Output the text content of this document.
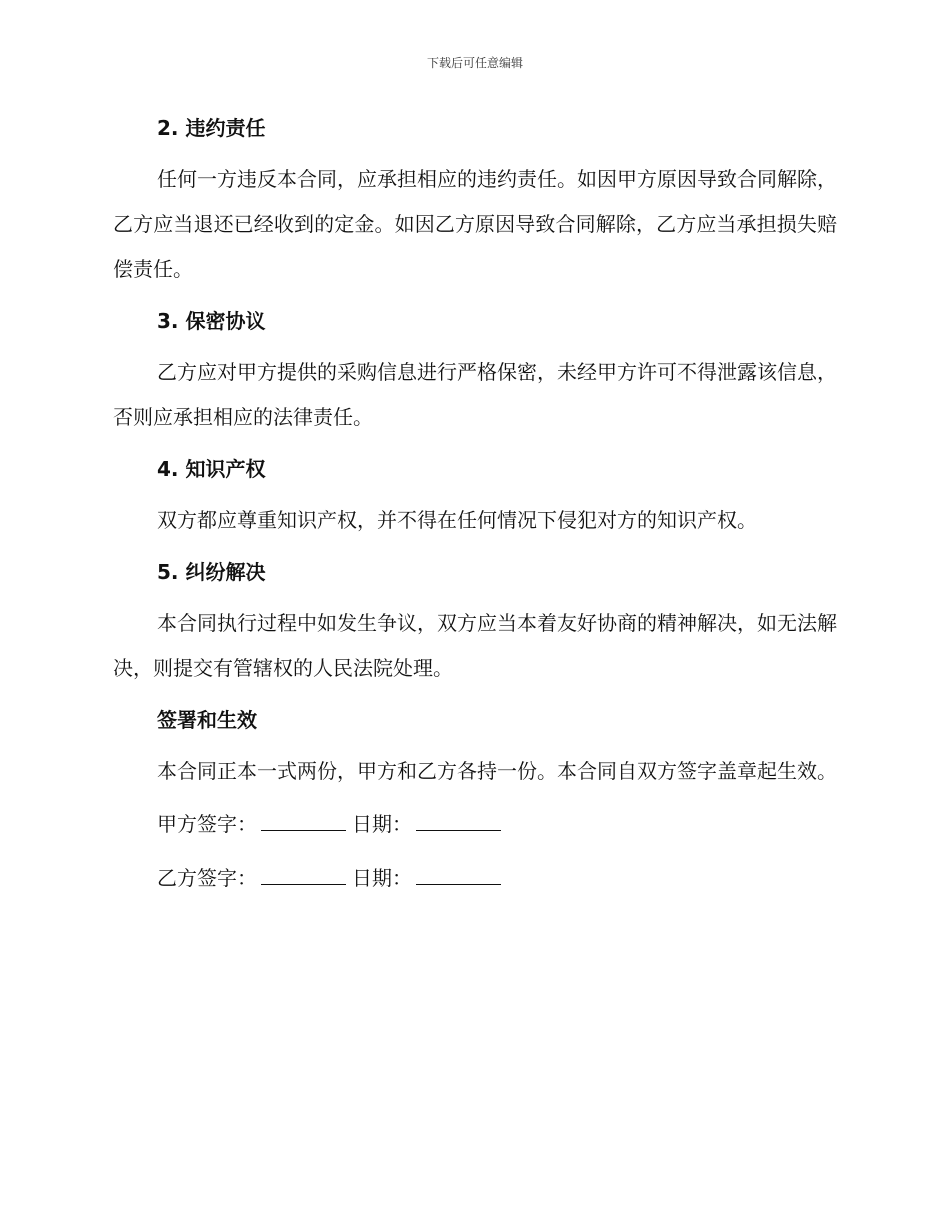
下载后可任意编辑
2. 违约责任
任何一方违反本合同，应承担相应的违约责任。如因甲方原因导致合同解除，乙方应当退还已经收到的定金。如因乙方原因导致合同解除，乙方应当承担损失赔偿责任。
3. 保密协议
乙方应对甲方提供的采购信息进行严格保密，未经甲方许可不得泄露该信息，否则应承担相应的法律责任。
4. 知识产权
双方都应尊重知识产权，并不得在任何情况下侵犯对方的知识产权。
5. 纠纷解决
本合同执行过程中如发生争议，双方应当本着友好协商的精神解决，如无法解决，则提交有管辖权的人民法院处理。
签署和生效
本合同正本一式两份，甲方和乙方各持一份。本合同自双方签字盖章起生效。
甲方签字：	日期：
乙方签字：	日期：
